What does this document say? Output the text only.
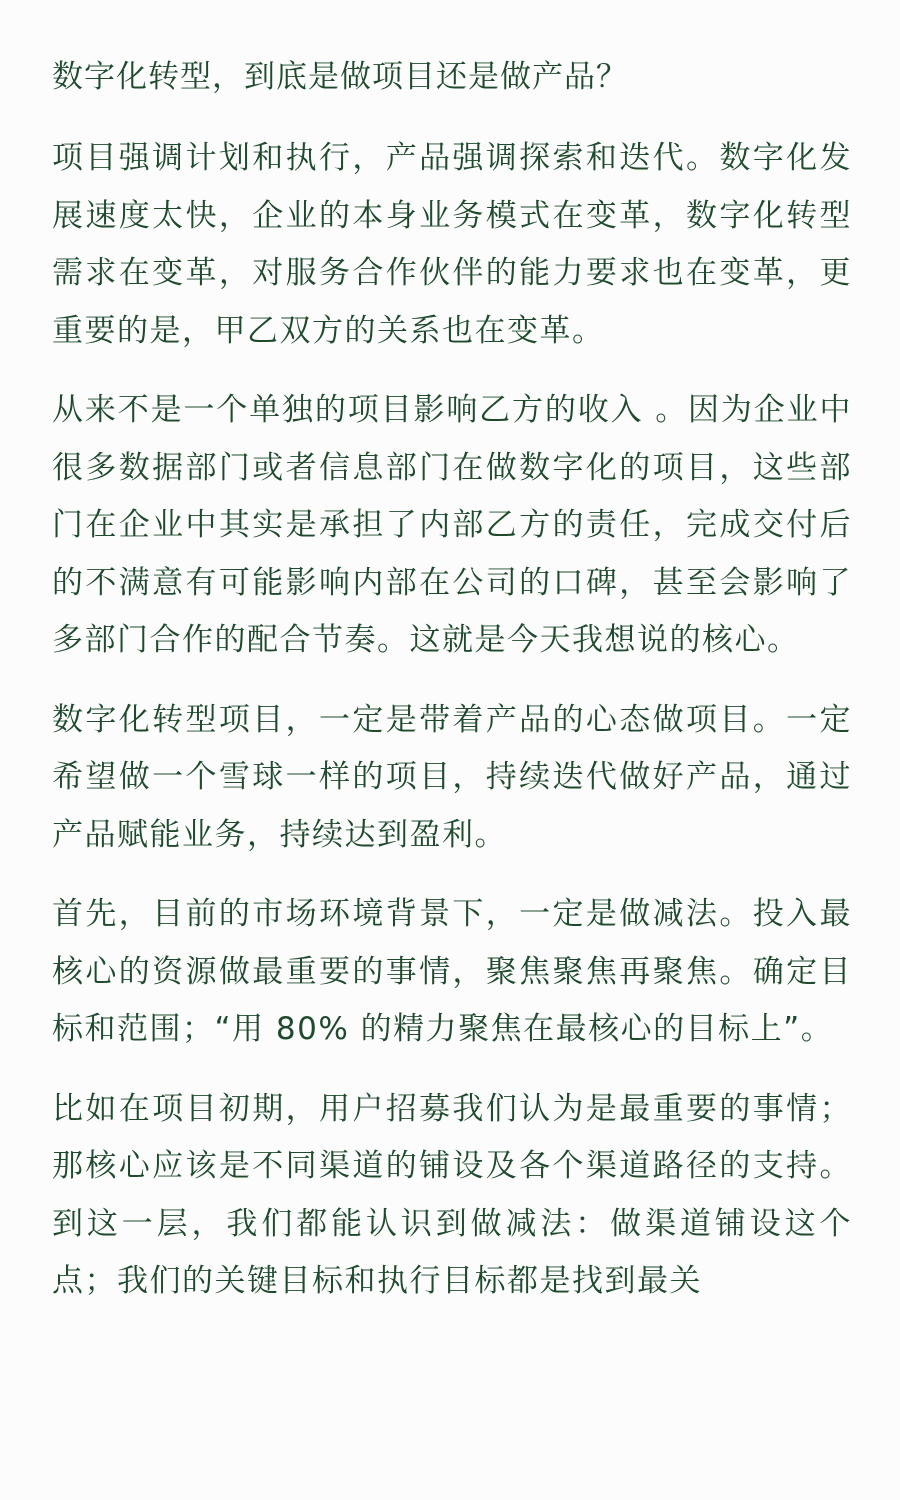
数字化转型，到底是做项目还是做产品？

项目强调计划和执行，产品强调探索和迭代。数字化发展速度太快，企业的本身业务模式在变革，数字化转型需求在变革，对服务合作伙伴的能力要求也在变革，更重要的是，甲乙双方的关系也在变革。

从来不是一个单独的项目影响乙方的收入 。因为企业中很多数据部门或者信息部门在做数字化的项目，这些部门在企业中其实是承担了内部乙方的责任，完成交付后的不满意有可能影响内部在公司的口碑，甚至会影响了多部门合作的配合节奏。这就是今天我想说的核心。

数字化转型项目，一定是带着产品的心态做项目。一定希望做一个雪球一样的项目，持续迭代做好产品，通过产品赋能业务，持续达到盈利。

首先，目前的市场环境背景下，一定是做减法。投入最核心的资源做最重要的事情，聚焦聚焦再聚焦。确定目标和范围；“用 80% 的精力聚焦在最核心的目标上”。

比如在项目初期，用户招募我们认为是最重要的事情；那核心应该是不同渠道的铺设及各个渠道路径的支持。到这一层，我们都能认识到做减法：做渠道铺设这个点；我们的关键目标和执行目标都是找到最关
